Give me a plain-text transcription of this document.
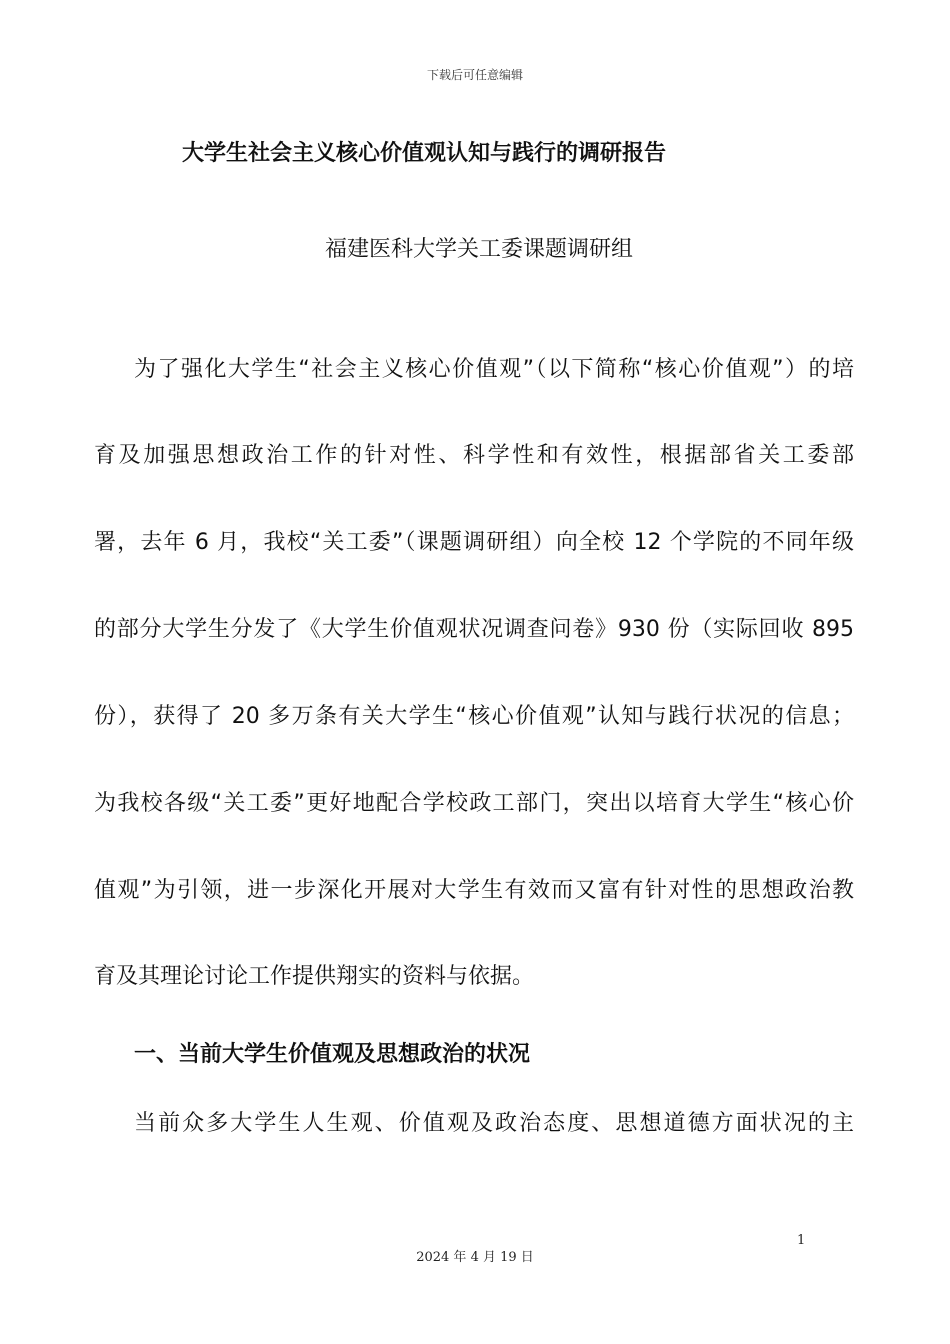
下载后可任意编辑
大学生社会主义核心价值观认知与践行的调研报告
福建医科大学关工委课题调研组
为了强化大学生“社会主义核心价值观”（以下简称“核心价值观”）的培
育及加强思想政治工作的针对性、科学性和有效性，根据部省关工委部
署，去年 6 月，我校“关工委”（课题调研组）向全校 12 个学院的不同年级
的部分大学生分发了《大学生价值观状况调查问卷》930 份（实际回收 895
份），获得了 20 多万条有关大学生“核心价值观”认知与践行状况的信息；
为我校各级“关工委”更好地配合学校政工部门，突出以培育大学生“核心价
值观”为引领，进一步深化开展对大学生有效而又富有针对性的思想政治教
育及其理论讨论工作提供翔实的资料与依据。
一、当前大学生价值观及思想政治的状况
当前众多大学生人生观、价值观及政治态度、思想道德方面状况的主
1
2024 年 4 月 19 日
